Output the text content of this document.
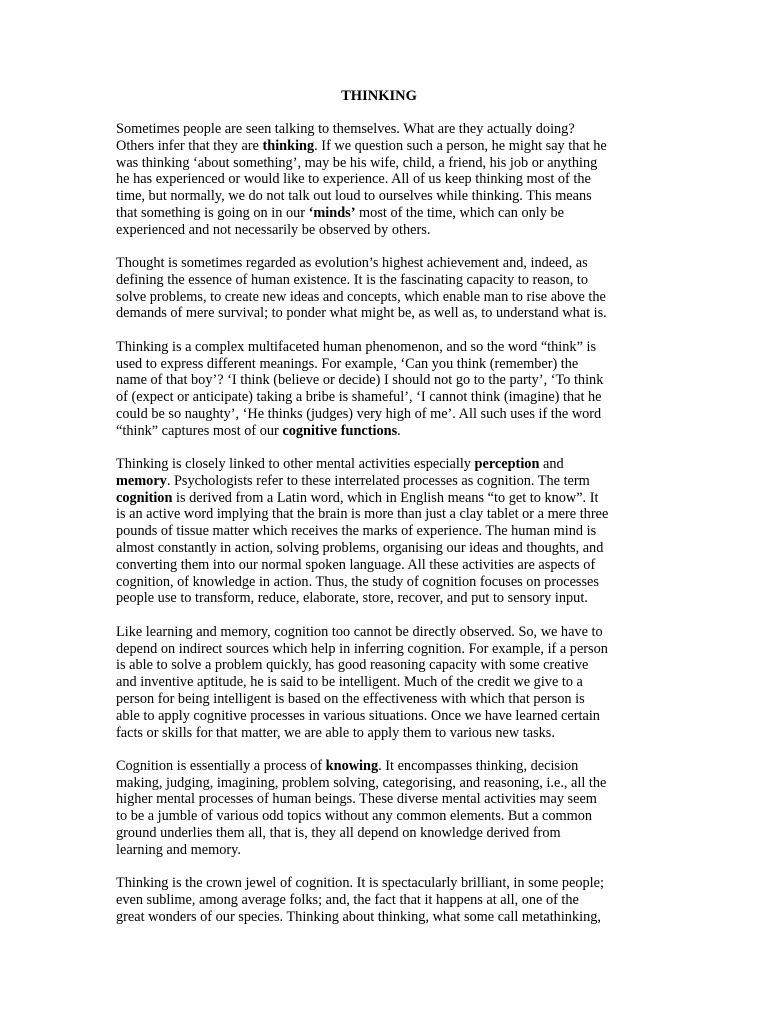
THINKING

Sometimes people are seen talking to themselves. What are they actually doing?
Others infer that they are thinking. If we question such a person, he might say that he
was thinking ‘about something’, may be his wife, child, a friend, his job or anything
he has experienced or would like to experience. All of us keep thinking most of the
time, but normally, we do not talk out loud to ourselves while thinking. This means
that something is going on in our ‘minds’ most of the time, which can only be
experienced and not necessarily be observed by others.

Thought is sometimes regarded as evolution’s highest achievement and, indeed, as
defining the essence of human existence. It is the fascinating capacity to reason, to
solve problems, to create new ideas and concepts, which enable man to rise above the
demands of mere survival; to ponder what might be, as well as, to understand what is.

Thinking is a complex multifaceted human phenomenon, and so the word “think” is
used to express different meanings. For example, ‘Can you think (remember) the
name of that boy’? ‘I think (believe or decide) I should not go to the party’, ‘To think
of (expect or anticipate) taking a bribe is shameful’, ‘I cannot think (imagine) that he
could be so naughty’, ‘He thinks (judges) very high of me’. All such uses if the word
“think” captures most of our cognitive functions.

Thinking is closely linked to other mental activities especially perception and
memory. Psychologists refer to these interrelated processes as cognition. The term
cognition is derived from a Latin word, which in English means “to get to know”. It
is an active word implying that the brain is more than just a clay tablet or a mere three
pounds of tissue matter which receives the marks of experience. The human mind is
almost constantly in action, solving problems, organising our ideas and thoughts, and
converting them into our normal spoken language. All these activities are aspects of
cognition, of knowledge in action. Thus, the study of cognition focuses on processes
people use to transform, reduce, elaborate, store, recover, and put to sensory input.

Like learning and memory, cognition too cannot be directly observed. So, we have to
depend on indirect sources which help in inferring cognition. For example, if a person
is able to solve a problem quickly, has good reasoning capacity with some creative
and inventive aptitude, he is said to be intelligent. Much of the credit we give to a
person for being intelligent is based on the effectiveness with which that person is
able to apply cognitive processes in various situations. Once we have learned certain
facts or skills for that matter, we are able to apply them to various new tasks.

Cognition is essentially a process of knowing. It encompasses thinking, decision
making, judging, imagining, problem solving, categorising, and reasoning, i.e., all the
higher mental processes of human beings. These diverse mental activities may seem
to be a jumble of various odd topics without any common elements. But a common
ground underlies them all, that is, they all depend on knowledge derived from
learning and memory.

Thinking is the crown jewel of cognition. It is spectacularly brilliant, in some people;
even sublime, among average folks; and, the fact that it happens at all, one of the
great wonders of our species. Thinking about thinking, what some call metathinking,
